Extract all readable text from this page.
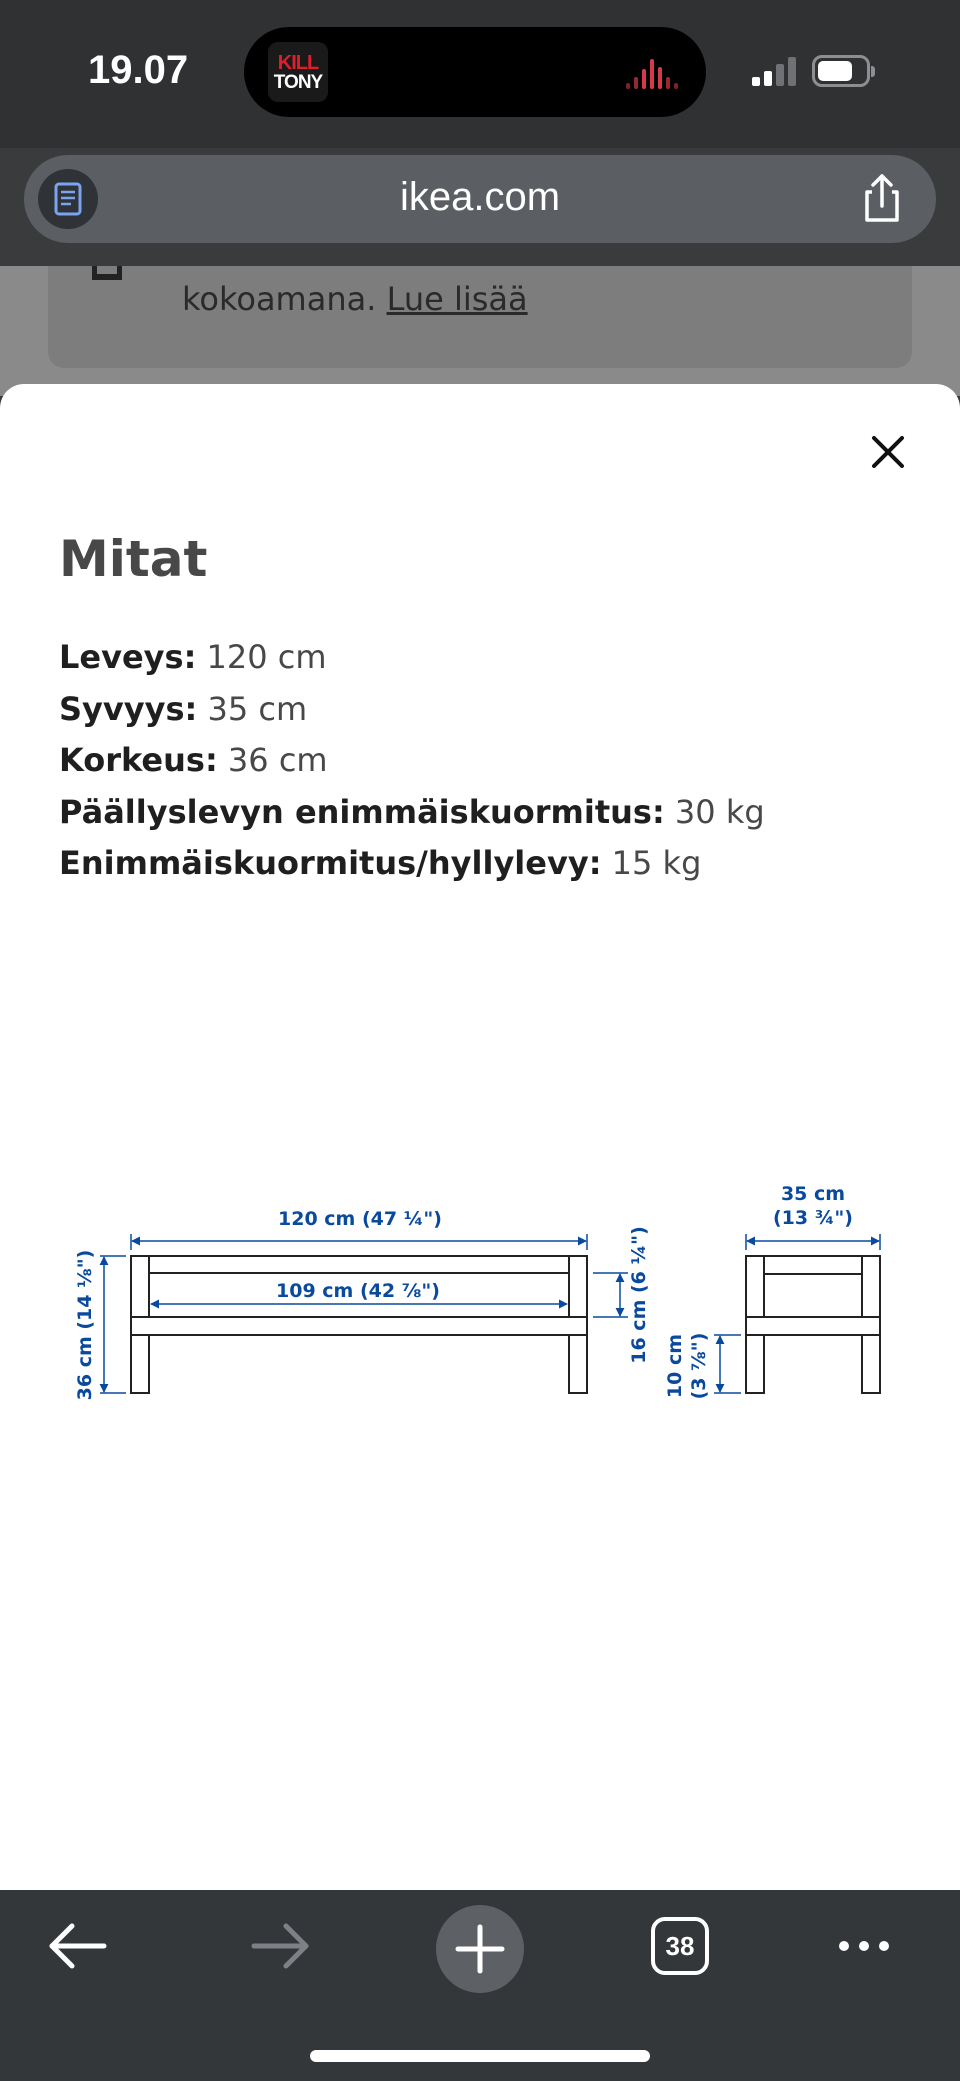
19.07	KILL
TONY
ikea.com
kokoamana. Lue lisää
Mitat
Leveys: 120 cm
Syvyys: 35 cm
Korkeus: 36 cm
Päällyslevyn enimmäiskuormitus: 30 kg
Enimmäiskuormitus/hyllylevy: 15 kg
120 cm (47 ¼")
109 cm (42 ⅞")
36 cm (14 ⅛")	16 cm (6 ¼")
35 cm
(13 ¾")
10 cm (3 ⅞")
38
